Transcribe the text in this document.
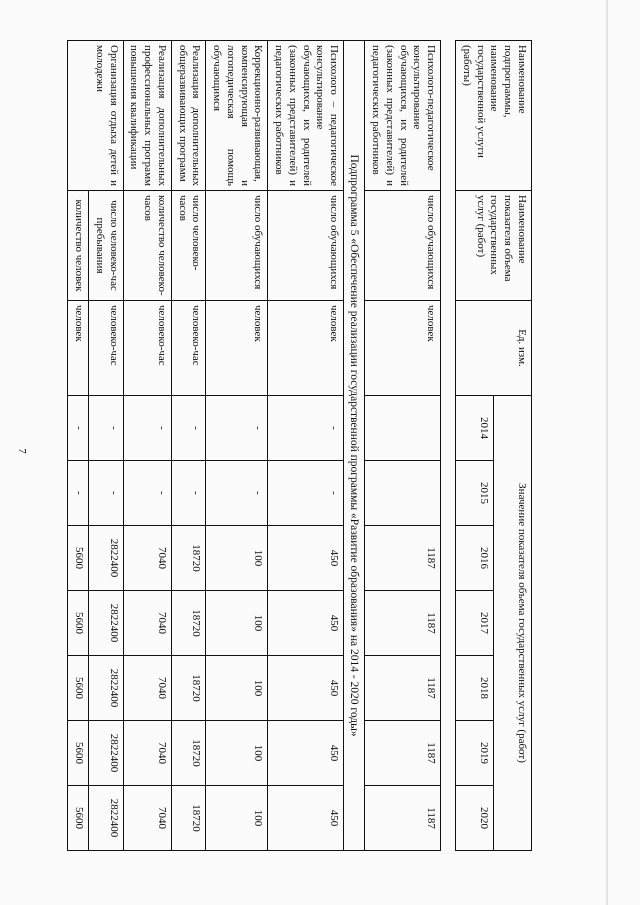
7
Наименование подпрограммы, наименование государственной услуги (работы)	Наименование показателя объема государственных услуг (работ)	Ед. изм.	Значение показателя объема государственных услуг (работ)						
			2014	2015	2016	2017	2018	2019	2020

Психолого-педагогическое консультирование обучающихся, их родителей (законных представителей) и педагогических работников	число обучающихся	человек			1187	1187	1187	1187	1187
Подпрограмма 5 «Обеспечение реализации государственной программы «Развитие образования» на 2014 - 2020 годы»									
Психолого – педагогическое консультирование обучающихся, их родителей (законных представителей) и педагогических работников	число обучающихся	человек	-	-	450	450	450	450	450
Коррекционно-развивающая, компенсирующая и логопедическая помощь обучающимся	число обучающихся	человек	-	-	100	100	100	100	100
Реализация дополнительных общеразвивающих программ	число человеко-часов	человеко-час	-	-	18720	18720	18720	18720	18720
Реализация дополнительных профессиональных программ повышения квалификации	количество человеко-часов	человеко-час	-	-	7040	7040	7040	7040	7040
Организация отдыха детей и молодежи	число человеко-час пребывания	человеко-час	-	-	2822400	2822400	2822400	2822400	2822400
	количество человек	человек	-	-	5600	5600	5600	5600	5600
